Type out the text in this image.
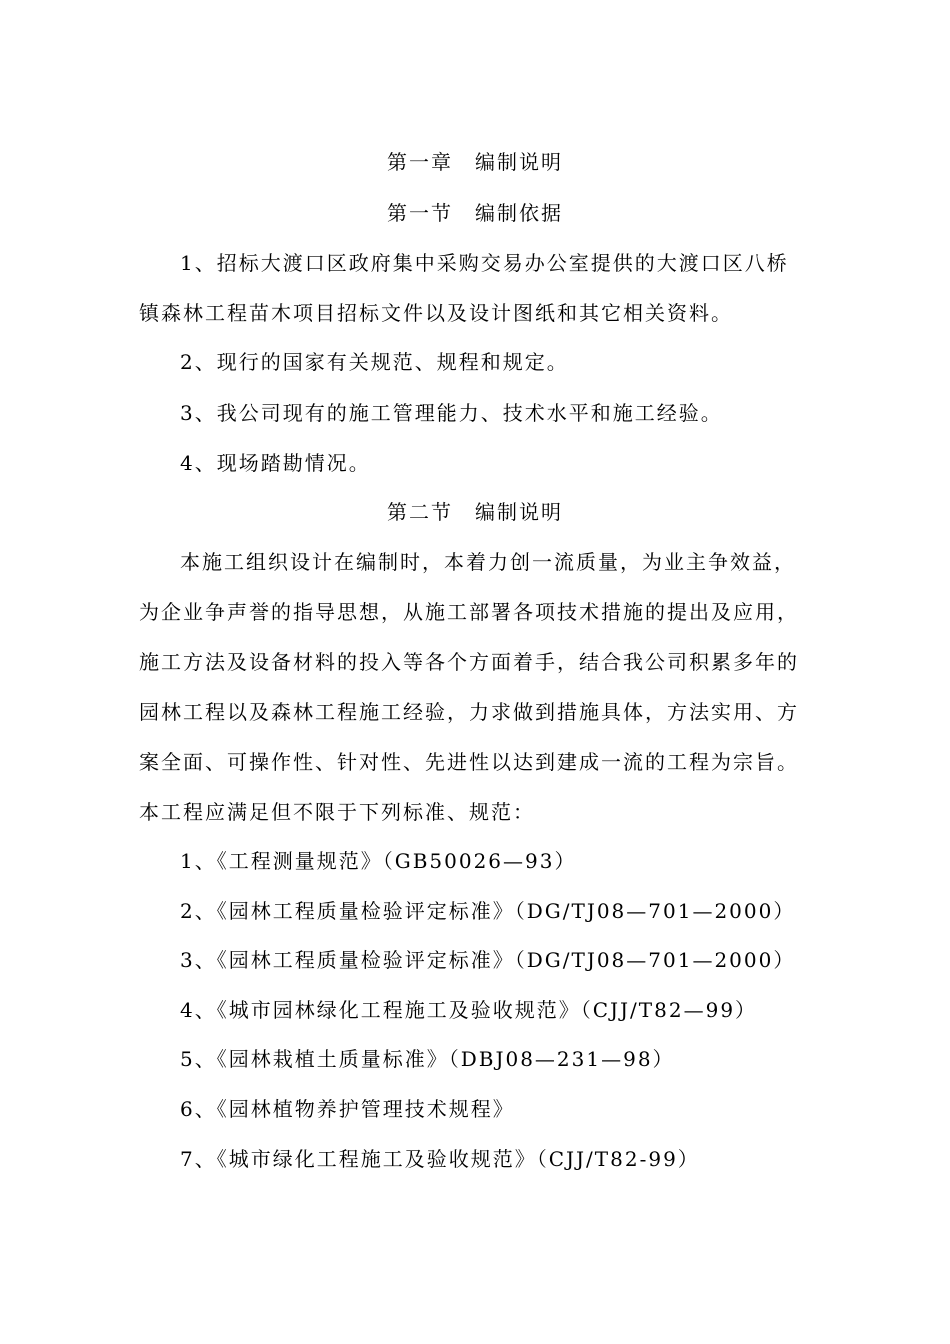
第一章　编制说明
第一节　编制依据
1、招标大渡口区政府集中采购交易办公室提供的大渡口区八桥
镇森林工程苗木项目招标文件以及设计图纸和其它相关资料。
2、现行的国家有关规范、规程和规定。
3、我公司现有的施工管理能力、技术水平和施工经验。
4、现场踏勘情况。
第二节　编制说明
本施工组织设计在编制时，本着力创一流质量，为业主争效益，
为企业争声誉的指导思想，从施工部署各项技术措施的提出及应用，
施工方法及设备材料的投入等各个方面着手，结合我公司积累多年的
园林工程以及森林工程施工经验，力求做到措施具体，方法实用、方
案全面、可操作性、针对性、先进性以达到建成一流的工程为宗旨。
本工程应满足但不限于下列标准、规范：
1、《工程测量规范》（GB50026—93）
2、《园林工程质量检验评定标准》（DG/TJ08—701—2000）
3、《园林工程质量检验评定标准》（DG/TJ08—701—2000）
4、《城市园林绿化工程施工及验收规范》（CJJ/T82—99）
5、《园林栽植土质量标准》（DBJ08—231—98）
6、《园林植物养护管理技术规程》
7、《城市绿化工程施工及验收规范》（CJJ/T82-99）
